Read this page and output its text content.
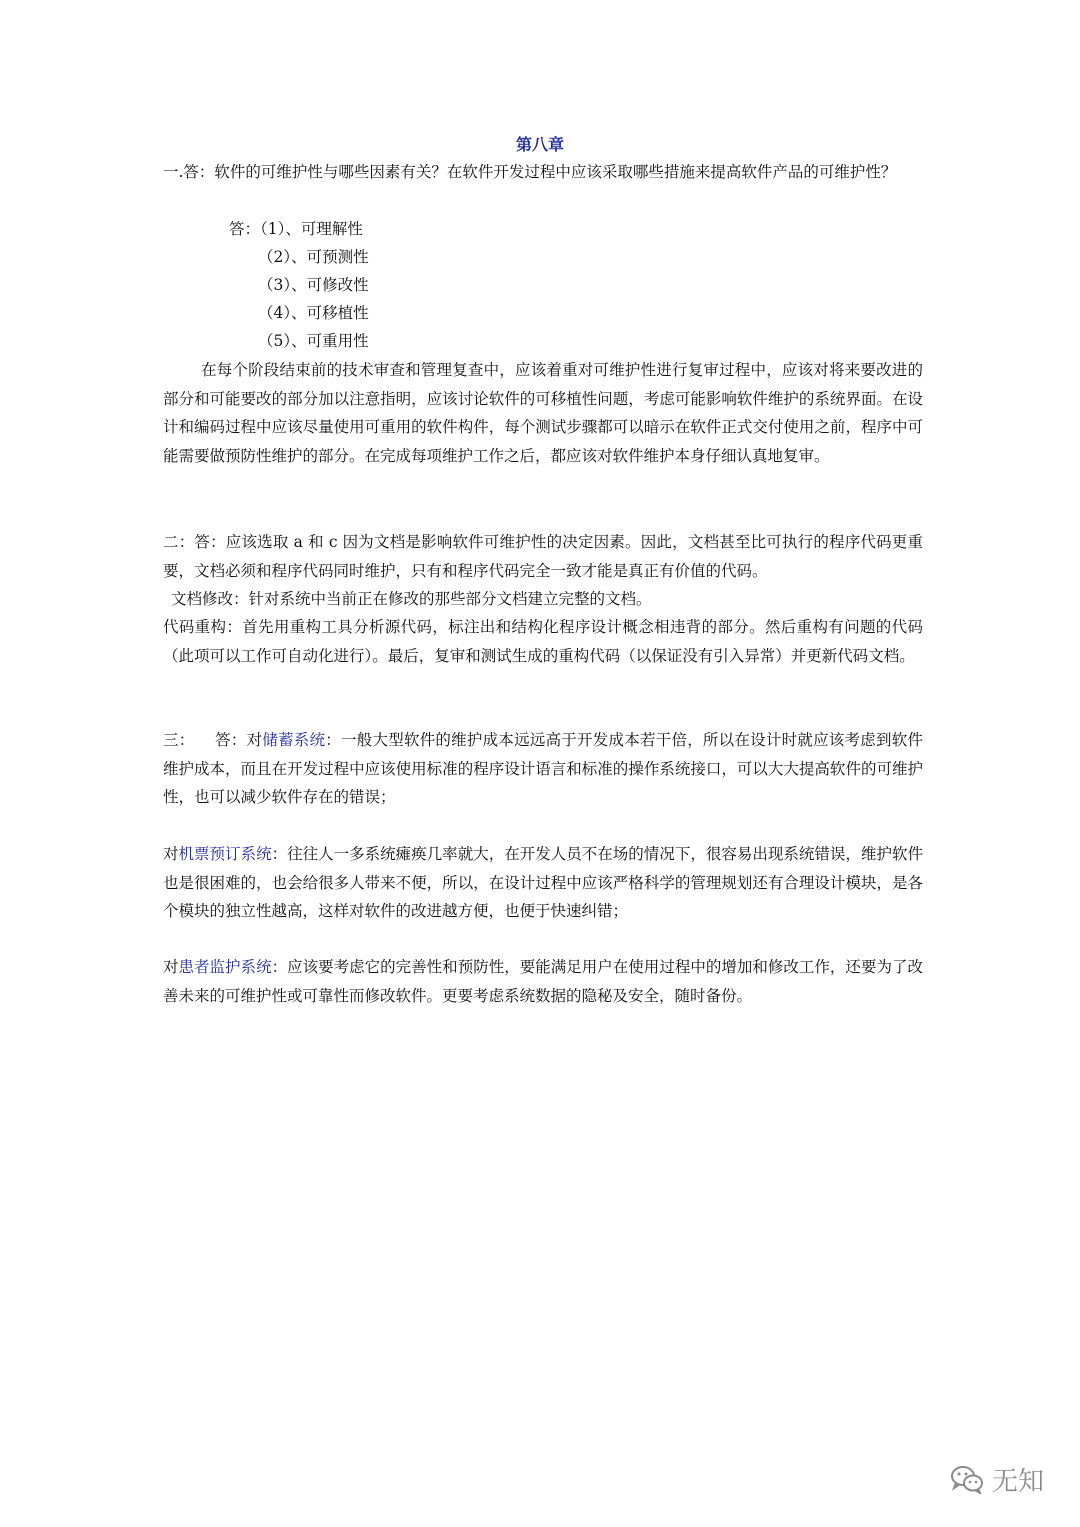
第八章

一.答：软件的可维护性与哪些因素有关？在软件开发过程中应该采取哪些措施来提高软件产品的可维护性？

答：（1）、可理解性
（2）、可预测性
（3）、可修改性
（4）、可移植性
（5）、可重用性

在每个阶段结束前的技术审查和管理复查中，应该着重对可维护性进行复审过程中，应该对将来要改进的部分和可能要改的部分加以注意指明，应该讨论软件的可移植性问题，考虑可能影响软件维护的系统界面。在设计和编码过程中应该尽量使用可重用的软件构件，每个测试步骤都可以暗示在软件正式交付使用之前，程序中可能需要做预防性维护的部分。在完成每项维护工作之后，都应该对软件维护本身仔细认真地复审。

二：答：应该选取 a 和 c 因为文档是影响软件可维护性的决定因素。因此，文档甚至比可执行的程序代码更重要，文档必须和程序代码同时维护，只有和程序代码完全一致才能是真正有价值的代码。

文档修改：针对系统中当前正在修改的那些部分文档建立完整的文档。

代码重构：首先用重构工具分析源代码，标注出和结构化程序设计概念相违背的部分。然后重构有问题的代码（此项可以工作可自动化进行）。最后，复审和测试生成的重构代码（以保证没有引入异常）并更新代码文档。

三：    答：对储蓄系统：一般大型软件的维护成本远远高于开发成本若干倍，所以在设计时就应该考虑到软件维护成本，而且在开发过程中应该使用标准的程序设计语言和标准的操作系统接口，可以大大提高软件的可维护性，也可以减少软件存在的错误；

对机票预订系统：往往人一多系统瘫痪几率就大，在开发人员不在场的情况下，很容易出现系统错误，维护软件也是很困难的，也会给很多人带来不便，所以，在设计过程中应该严格科学的管理规划还有合理设计模块，是各个模块的独立性越高，这样对软件的改进越方便，也便于快速纠错；

对患者监护系统：应该要考虑它的完善性和预防性，要能满足用户在使用过程中的增加和修改工作，还要为了改善未来的可维护性或可靠性而修改软件。更要考虑系统数据的隐秘及安全，随时备份。

无知
